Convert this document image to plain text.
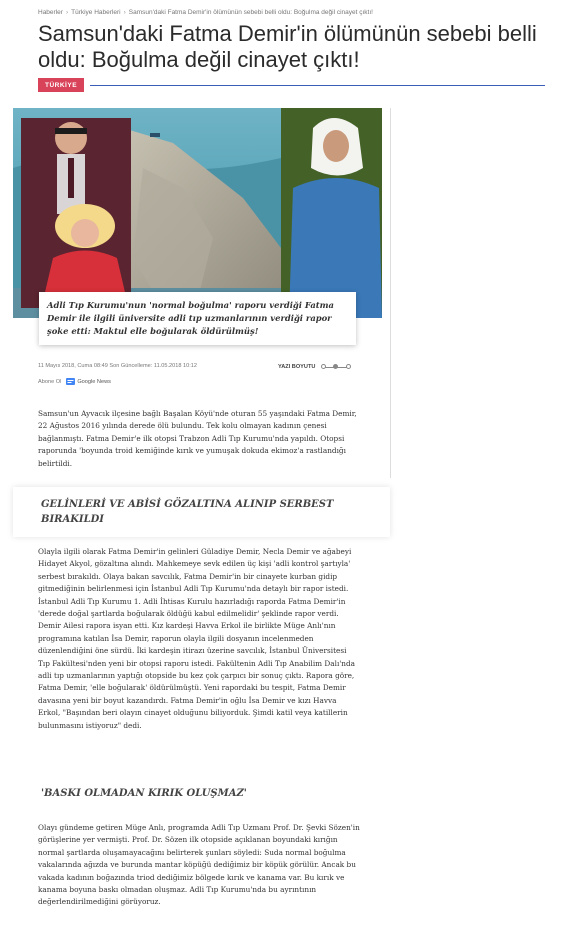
Haberler › Türkiye Haberleri › Samsun'daki Fatma Demir'in ölümünün sebebi belli oldu: Boğulma değil cinayet çıktı!
Samsun'daki Fatma Demir'in ölümünün sebebi belli oldu: Boğulma değil cinayet çıktı!
TÜRKİYE
Adli Tıp Kurumu'nun 'normal boğulma' raporu verdiği Fatma Demir ile ilgili üniversite adli tıp uzmanlarının verdiği rapor şoke etti: Maktul elle boğularak öldürülmüş!
11 Mayıs 2018, Cuma 08:49 Son Güncelleme: 11.05.2018 10:12	YAZI BOYUTU
Abone Ol	Google News

Samsun'un Ayvacık ilçesine bağlı Başalan Köyü'nde oturan 55 yaşındaki Fatma Demir, 22 Ağustos 2016 yılında derede ölü bulundu. Tek kolu olmayan kadının çenesi bağlanmıştı. Fatma Demir'e ilk otopsi Trabzon Adli Tıp Kurumu'nda yapıldı. Otopsi raporunda 'boyunda troid kemiğinde kırık ve yumuşak dokuda ekimoz'a rastlandığı belirtildi.

GELİNLERİ VE ABİSİ GÖZALTINA ALINIP SERBEST BIRAKILDI

Olayla ilgili olarak Fatma Demir'in gelinleri Güladiye Demir, Necla Demir ve ağabeyi Hidayet Akyol, gözaltına alındı. Mahkemeye sevk edilen üç kişi 'adli kontrol şartıyla' serbest bırakıldı. Olaya bakan savcılık, Fatma Demir'in bir cinayete kurban gidip gitmediğinin belirlenmesi için İstanbul Adli Tıp Kurumu'nda detaylı bir rapor istedi. İstanbul Adli Tıp Kurumu 1. Adli İhtisas Kurulu hazırladığı raporda Fatma Demir'in 'derede doğal şartlarda boğularak öldüğü kabul edilmelidir' şeklinde rapor verdi. Demir Ailesi rapora isyan etti. Kız kardeşi Havva Erkol ile birlikte Müge Anlı'nın programına katılan İsa Demir, raporun olayla ilgili dosyanın incelenmeden düzenlendiğini öne sürdü. İki kardeşin itirazı üzerine savcılık, İstanbul Üniversitesi Tıp Fakültesi'nden yeni bir otopsi raporu istedi. Fakültenin Adli Tıp Anabilim Dalı'nda adli tıp uzmanlarının yaptığı otopside bu kez çok çarpıcı bir sonuç çıktı. Rapora göre, Fatma Demir, 'elle boğularak' öldürülmüştü. Yeni rapordaki bu tespit, Fatma Demir davasına yeni bir boyut kazandırdı. Fatma Demir'in oğlu İsa Demir ve kızı Havva Erkol, "Başından beri olayın cinayet olduğunu biliyorduk. Şimdi katil veya katillerin bulunmasını istiyoruz" dedi.

'BASKI OLMADAN KIRIK OLUŞMAZ'

Olayı gündeme getiren Müge Anlı, programda Adli Tıp Uzmanı Prof. Dr. Şevki Sözen'in görüşlerine yer vermişti. Prof. Dr. Sözen ilk otopside açıklanan boyundaki kırığın normal şartlarda oluşamayacağını belirterek şunları söyledi: Suda normal boğulma vakalarında ağızda ve burunda mantar köpüğü dediğimiz bir köpük görülür. Ancak bu vakada kadının boğazında triod dediğimiz bölgede kırık ve kanama var. Bu kırık ve kanama boyuna baskı olmadan oluşmaz. Adli Tıp Kurumu'nda bu ayrıntının değerlendirilmediğini görüyoruz.
